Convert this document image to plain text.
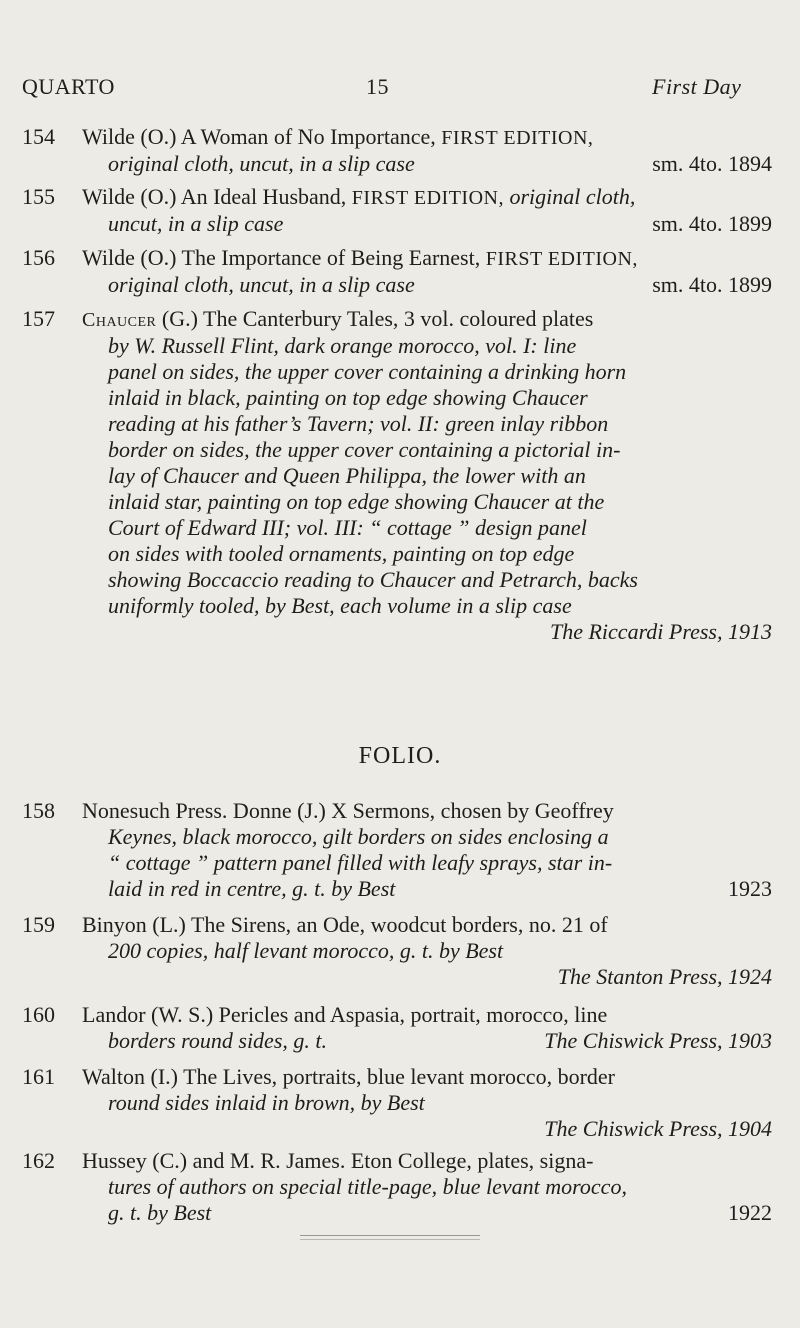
QUARTO	15	First Day
154	Wilde (O.) A Woman of No Importance, FIRST EDITION,
original cloth, uncut, in a slip case	sm. 4to. 1894
155	Wilde (O.) An Ideal Husband, FIRST EDITION, original cloth,
uncut, in a slip case	sm. 4to. 1899
156	Wilde (O.) The Importance of Being Earnest, FIRST EDITION,
original cloth, uncut, in a slip case	sm. 4to. 1899
157	Chaucer (G.) The Canterbury Tales, 3 vol. coloured plates
by W. Russell Flint, dark orange morocco, vol. I: line
panel on sides, the upper cover containing a drinking horn
inlaid in black, painting on top edge showing Chaucer
reading at his father’s Tavern; vol. II: green inlay ribbon
border on sides, the upper cover containing a pictorial in-
lay of Chaucer and Queen Philippa, the lower with an
inlaid star, painting on top edge showing Chaucer at the
Court of Edward III; vol. III: “ cottage ” design panel
on sides with tooled ornaments, painting on top edge
showing Boccaccio reading to Chaucer and Petrarch, backs
uniformly tooled, by Best, each volume in a slip case
The Riccardi Press, 1913
FOLIO.
158	Nonesuch Press. Donne (J.) X Sermons, chosen by Geoffrey
Keynes, black morocco, gilt borders on sides enclosing a
“ cottage ” pattern panel filled with leafy sprays, star in-
laid in red in centre, g. t. by Best	1923
159	Binyon (L.) The Sirens, an Ode, woodcut borders, no. 21 of
200 copies, half levant morocco, g. t. by Best
The Stanton Press, 1924
160	Landor (W. S.) Pericles and Aspasia, portrait, morocco, line
borders round sides, g. t.	The Chiswick Press, 1903
161	Walton (I.) The Lives, portraits, blue levant morocco, border
round sides inlaid in brown, by Best
The Chiswick Press, 1904
162	Hussey (C.) and M. R. James. Eton College, plates, signa-
tures of authors on special title-page, blue levant morocco,
g. t. by Best	1922
